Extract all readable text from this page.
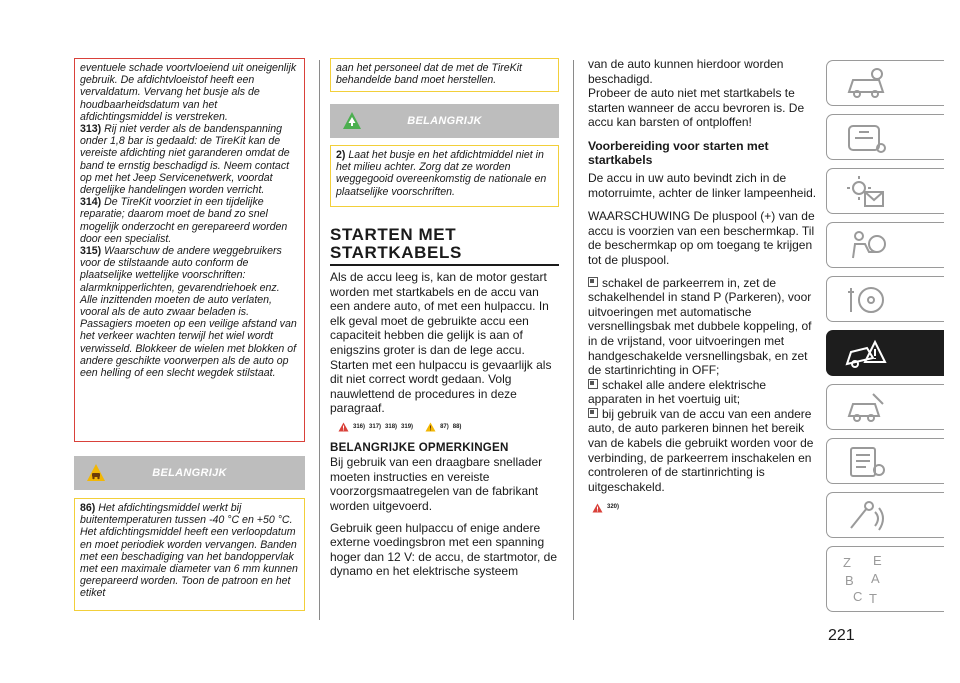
eventuele schade voortvloeiend uit oneigenlijk gebruik. De afdichtvloeistof heeft een vervaldatum. Vervang het busje als de houdbaarheidsdatum van het afdichtingsmiddel is verstreken.

313) Rij niet verder als de bandenspanning onder 1,8 bar is gedaald: de TireKit kan de vereiste afdichting niet garanderen omdat de band te ernstig beschadigd is. Neem contact op met het Jeep Servicenetwerk, voordat dergelijke handelingen worden verricht.

314) De TireKit voorziet in een tijdelijke reparatie; daarom moet de band zo snel mogelijk onderzocht en gerepareerd worden door een specialist.

315) Waarschuw de andere weggebruikers voor de stilstaande auto conform de plaatselijke wettelijke voorschriften: alarmknipperlichten, gevarendriehoek enz. Alle inzittenden moeten de auto verlaten, vooral als de auto zwaar beladen is. Passagiers moeten op een veilige afstand van het verkeer wachten terwijl het wiel wordt verwisseld. Blokkeer de wielen met blokken of andere geschikte voorwerpen als de auto op een helling of een slecht wegdek stilstaat.

BELANGRIJK

86) Het afdichtingsmiddel werkt bij buitentemperaturen tussen -40 °C en +50 °C. Het afdichtingsmiddel heeft een verloopdatum en moet periodiek worden vervangen. Banden met een beschadiging van het bandoppervlak met een maximale diameter van 6 mm kunnen gerepareerd worden. Toon de patroon en het etiket

aan het personeel dat de met de TireKit behandelde band moet herstellen.

BELANGRIJK

2) Laat het busje en het afdichtmiddel niet in het milieu achter. Zorg dat ze worden weggegooid overeenkomstig de nationale en plaatselijke voorschriften.

STARTEN MET
STARTKABELS

Als de accu leeg is, kan de motor gestart worden met startkabels en de accu van een andere auto, of met een hulpaccu. In elk geval moet de gebruikte accu een capaciteit hebben die gelijk is aan of enigszins groter is dan de lege accu. Starten met een hulpaccu is gevaarlijk als dit niet correct wordt gedaan. Volg nauwlettend de procedures in deze paragraaf.

316) 317) 318) 319)	87) 88)

BELANGRIJKE OPMERKINGEN

Bij gebruik van een draagbare snellader moeten instructies en vereiste voorzorgsmaatregelen van de fabrikant worden uitgevoerd.

Gebruik geen hulpaccu of enige andere externe voedingsbron met een spanning hoger dan 12 V: de accu, de startmotor, de dynamo en het elektrische systeem

van de auto kunnen hierdoor worden beschadigd.

Probeer de auto niet met startkabels te starten wanneer de accu bevroren is. De accu kan barsten of ontploffen!

Voorbereiding voor starten met startkabels

De accu in uw auto bevindt zich in de motorruimte, achter de linker lampeenheid.

WAARSCHUWING De pluspool (+) van de accu is voorzien van een beschermkap. Til de beschermkap op om toegang te krijgen tot de pluspool.

schakel de parkeerrem in, zet de schakelhendel in stand P (Parkeren), voor uitvoeringen met automatische versnellingsbak met dubbele koppeling, of in de vrijstand, voor uitvoeringen met handgeschakelde versnellingsbak, en zet de startinrichting in OFF;

schakel alle andere elektrische apparaten in het voertuig uit;

bij gebruik van de accu van een andere auto, de auto parkeren binnen het bereik van de kabels die gebruikt worden voor de verbinding, de parkeerrem inschakelen en controleren of de startinrichting is uitgeschakeld.

320)
Z E
B A
C T
221
